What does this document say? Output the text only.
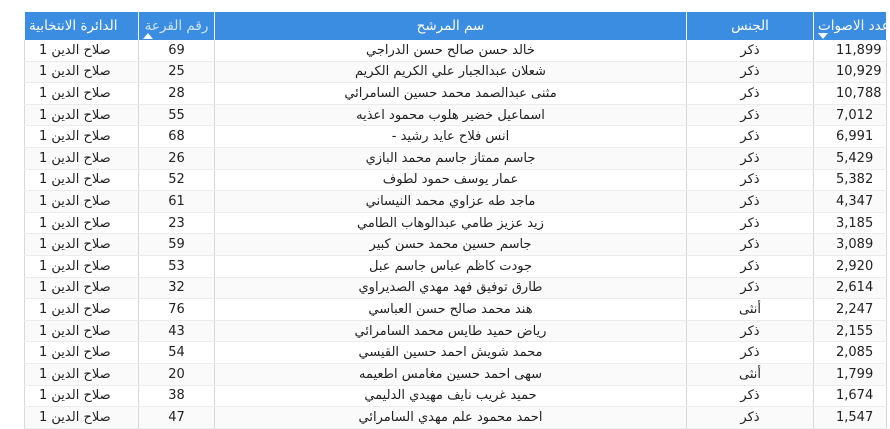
الدائرة الانتخابية	رقم القرعة	سم المرشح	الجنس	عدد الاصوات

صلاح الدين 1	69	خالد حسن صالح حسن الدراجي	ذكر	11,899
صلاح الدين 1	25	شعلان عبدالجبار علي الكريم الكريم	ذكر	10,929
صلاح الدين 1	28	مثنى عبدالصمد محمد حسين السامرائي	ذكر	10,788
صلاح الدين 1	55	اسماعيل خضير هلوب محمود اعذيه	ذكر	7,012
صلاح الدين 1	68	انس فلاح عايد رشيد -	ذكر	6,991
صلاح الدين 1	26	جاسم ممتاز جاسم محمد البازي	ذكر	5,429
صلاح الدين 1	52	عمار يوسف حمود لطوف	ذكر	5,382
صلاح الدين 1	61	ماجد طه عزاوي محمد النيساني	ذكر	4,347
صلاح الدين 1	23	زيد عزيز طامي عبدالوهاب الطامي	ذكر	3,185
صلاح الدين 1	59	جاسم حسين محمد حسن كبير	ذكر	3,089
صلاح الدين 1	53	جودت كاظم عباس جاسم عبل	ذكر	2,920
صلاح الدين 1	32	طارق توفيق فهد مهدي الصديراوي	ذكر	2,614
صلاح الدين 1	76	هند محمد صالح حسن العباسي	أنثى	2,247
صلاح الدين 1	43	رياض حميد طايس محمد السامرائي	ذكر	2,155
صلاح الدين 1	54	محمد شويش احمد حسين القيسي	ذكر	2,085
صلاح الدين 1	20	سهى احمد حسين مغامس اطعيمه	أنثى	1,799
صلاح الدين 1	38	حميد غريب نايف مهيدي الدليمي	ذكر	1,674
صلاح الدين 1	47	احمد محمود علم مهدي السامرائي	ذكر	1,547
